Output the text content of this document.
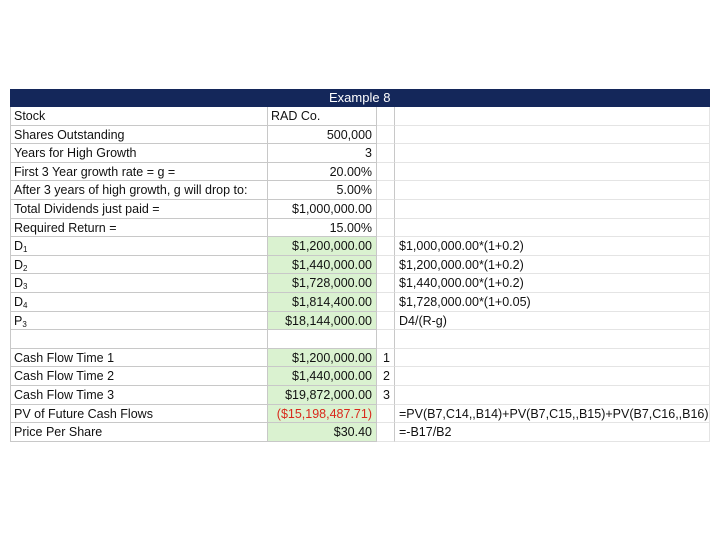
Example 8
Stock	RAD Co.
Shares Outstanding	500,000
Years for High Growth	3
First 3 Year growth rate = g =	20.00%
After 3 years of high growth, g will drop to:	5.00%
Total Dividends just paid =	$1,000,000.00
Required Return =	15.00%
$D_1$	$1,200,000.00	$1,000,000.00*(1+0.2)
$D_2$	$1,440,000.00	$1,200,000.00*(1+0.2)
$D_3$	$1,728,000.00	$1,440,000.00*(1+0.2)
$D_4$	$1,814,400.00	$1,728,000.00*(1+0.05)
$P_3$	$18,144,000.00	D4/(R-g)
Cash Flow Time 1	$1,200,000.00 1
Cash Flow Time 2	$1,440,000.00 2
Cash Flow Time 3	$19,872,000.00 3
PV of Future Cash Flows	($15,198,487.71)	=PV(B7,C14,,B14)+PV(B7,C15,,B15)+PV(B7,C16,,B16)
Price Per Share	$30.40	=-B17/B2
